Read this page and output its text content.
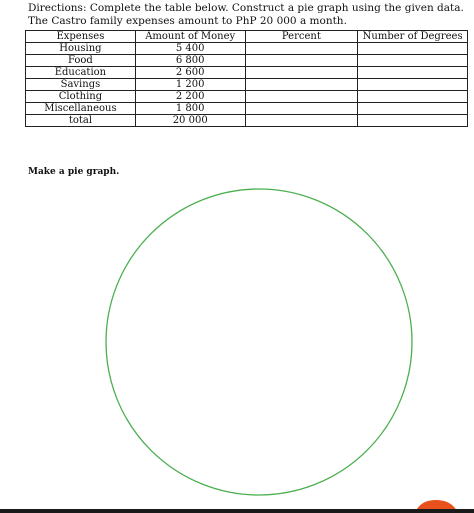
Directions: Complete the table below. Construct a pie graph using the given data.
The Castro family expenses amount to PhP 20 000 a month.
Expenses	Amount of Money	Percent	Number of Degrees
Housing	5 400		
Food	6 800		
Education	2 600		
Savings	1 200		
Clothing	2 200		
Miscellaneous	1 800		
total	20 000		
Make a pie graph.
